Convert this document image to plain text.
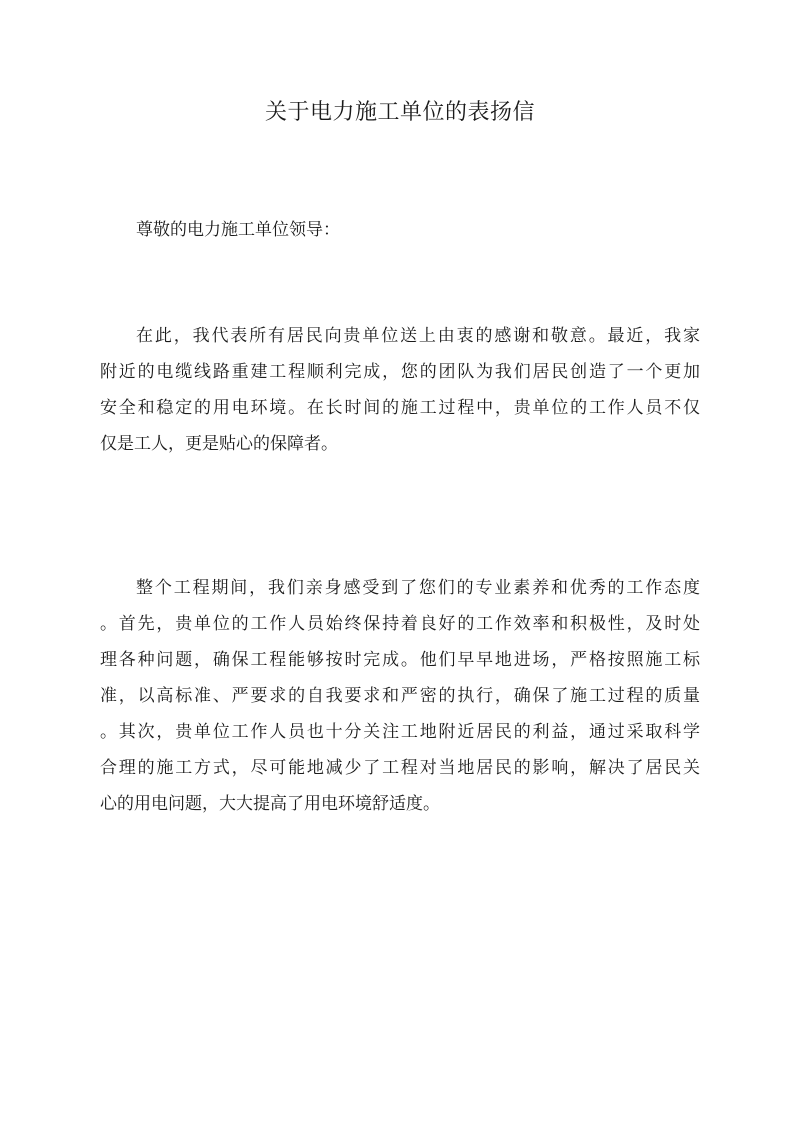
关于电力施工单位的表扬信

尊敬的电力施工单位领导：

在此，我代表所有居民向贵单位送上由衷的感谢和敬意。最近，我家
附近的电缆线路重建工程顺利完成，您的团队为我们居民创造了一个更加
安全和稳定的用电环境。在长时间的施工过程中，贵单位的工作人员不仅
仅是工人，更是贴心的保障者。
整个工程期间，我们亲身感受到了您们的专业素养和优秀的工作态度
。首先，贵单位的工作人员始终保持着良好的工作效率和积极性，及时处
理各种问题，确保工程能够按时完成。他们早早地进场，严格按照施工标
准，以高标准、严要求的自我要求和严密的执行，确保了施工过程的质量
。其次，贵单位工作人员也十分关注工地附近居民的利益，通过采取科学
合理的施工方式，尽可能地减少了工程对当地居民的影响，解决了居民关
心的用电问题，大大提高了用电环境舒适度。
